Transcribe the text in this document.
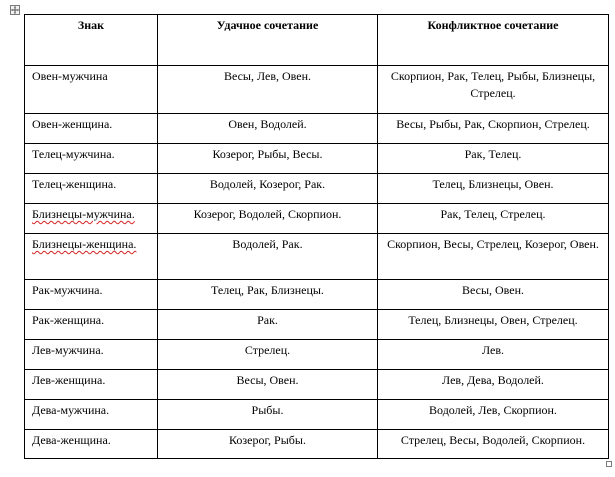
Знак	Удачное сочетание	Конфликтное сочетание
Овен-мужчина	Весы, Лев, Овен.	Скорпион, Рак, Телец, Рыбы, Близнецы, Стрелец.
Овен-женщина.	Овен, Водолей.	Весы, Рыбы, Рак, Скорпион, Стрелец.
Телец-мужчина.	Козерог, Рыбы, Весы.	Рак, Телец.
Телец-женщина.	Водолей, Козерог, Рак.	Телец, Близнецы, Овен.
Близнецы-мужчина.	Козерог, Водолей, Скорпион.	Рак, Телец, Стрелец.
Близнецы-женщина.	Водолей, Рак.	Скорпион, Весы, Стрелец, Козерог, Овен.
Рак-мужчина.	Телец, Рак, Близнецы.	Весы, Овен.
Рак-женщина.	Рак.	Телец, Близнецы, Овен, Стрелец.
Лев-мужчина.	Стрелец.	Лев.
Лев-женщина.	Весы, Овен.	Лев, Дева, Водолей.
Дева-мужчина.	Рыбы.	Водолей, Лев, Скорпион.
Дева-женщина.	Козерог, Рыбы.	Стрелец, Весы, Водолей, Скорпион.
